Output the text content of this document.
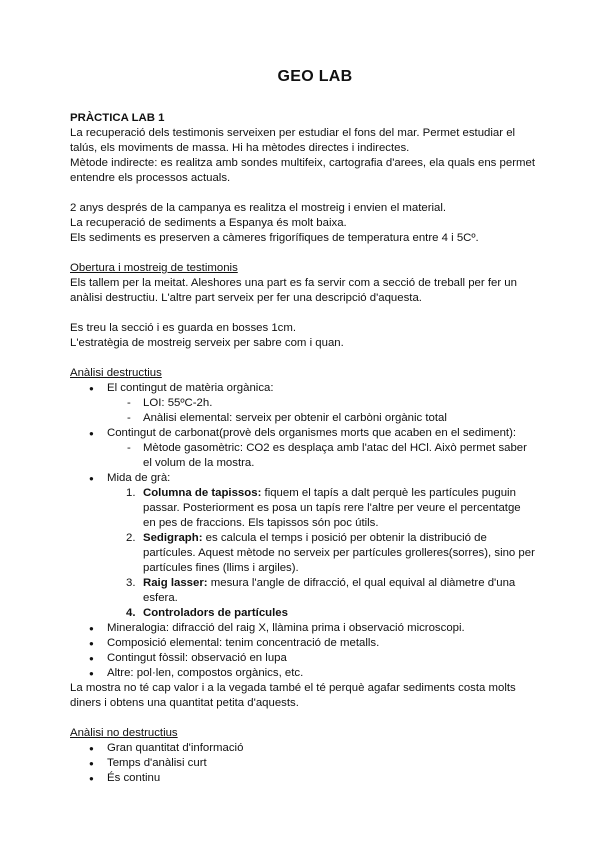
GEO LAB
PRÀCTICA LAB 1
La recuperació dels testimonis serveixen per estudiar el fons del mar. Permet estudiar el
talús, els moviments de massa. Hi ha mètodes directes i indirectes.
Mètode indirecte: es realitza amb sondes multifeix, cartografia d'arees, ela quals ens permet
entendre els processos actuals.
2 anys després de la campanya es realitza el mostreig i envien el material.
La recuperació de sediments a Espanya és molt baixa.
Els sediments es preserven a càmeres frigorífiques de temperatura entre 4 i 5Cº.
Obertura i mostreig de testimonis
Els tallem per la meitat. Aleshores una part es fa servir com a secció de treball per fer un
anàlisi destructiu. L'altre part serveix per fer una descripció d'aquesta.
Es treu la secció i es guarda en bosses 1cm.
L'estratègia de mostreig serveix per sabre com i quan.
Anàlisi destructius
● El contingut de matèria orgànica:
- LOI: 55ºC-2h.
- Anàlisi elemental: serveix per obtenir el carbòni orgànic total
● Contingut de carbonat(provè dels organismes morts que acaben en el sediment):
- Mètode gasomètric: CO2 es desplaça amb l'atac del HCl. Això permet saber
el volum de la mostra.
● Mida de grà:
1. Columna de tapissos: fiquem el tapís a dalt perquè les partícules puguin
passar. Posteriorment es posa un tapís rere l'altre per veure el percentatge
en pes de fraccions. Els tapissos són poc útils.
2. Sedigraph: es calcula el temps i posició per obtenir la distribució de
partícules. Aquest mètode no serveix per partícules grolleres(sorres), sino per
partícules fines (llims i argiles).
3. Raig lasser: mesura l'angle de difracció, el qual equival al diàmetre d'una
esfera.
4. Controladors de partícules
● Mineralogia: difracció del raig X, llàmina prima i observació microscopi.
● Composició elemental: tenim concentració de metalls.
● Contingut fòssil: observació en lupa
● Altre: pol·len, compostos orgànics, etc.
La mostra no té cap valor i a la vegada també el té perquè agafar sediments costa molts
diners i obtens una quantitat petita d'aquests.
Anàlisi no destructius
● Gran quantitat d'informació
● Temps d'anàlisi curt
● És continu
